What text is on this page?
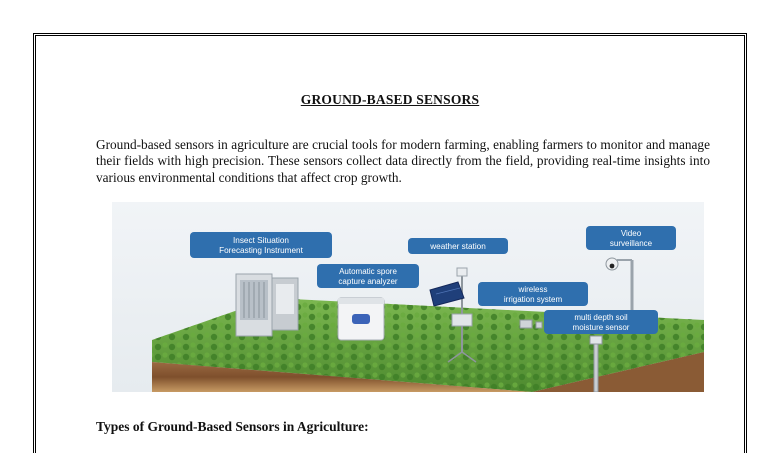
GROUND-BASED SENSORS
Ground-based sensors in agriculture are crucial tools for modern farming, enabling farmers to monitor and manage their fields with high precision. These sensors collect data directly from the field, providing real-time insights into various environmental conditions that affect crop growth.
Insect Situation
Forecasting Instrument
Automatic spore
capture analyzer
weather station
wireless
irrigation system
multi depth soil
moisture sensor
Video
surveillance
Types of Ground-Based Sensors in Agriculture:
